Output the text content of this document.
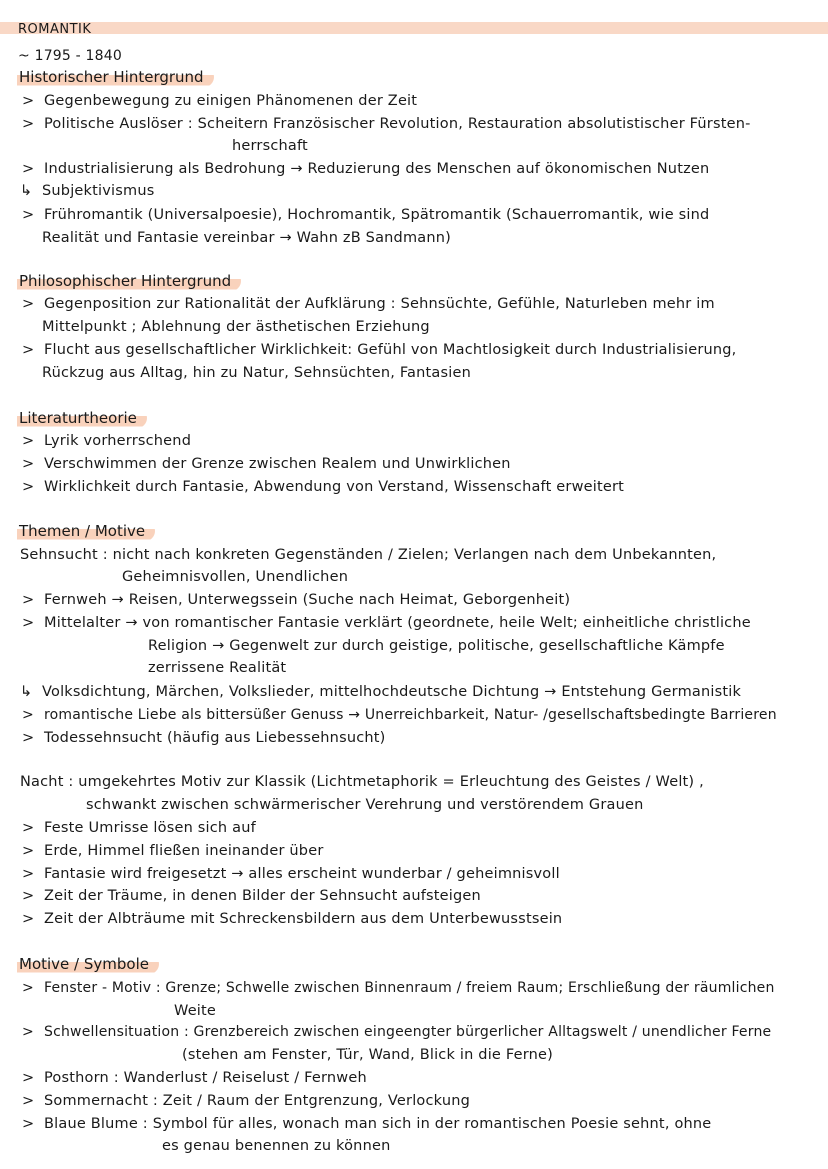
ROMANTIK
~ 1795 - 1840
Historischer Hintergrund
> Gegenbewegung zu einigen Phänomenen der Zeit
> Politische Auslöser : Scheitern Französischer Revolution, Restauration absolutistischer Fürsten-
herrschaft
> Industrialisierung als Bedrohung → Reduzierung des Menschen auf ökonomischen Nutzen
↳ Subjektivismus
> Frühromantik (Universalpoesie), Hochromantik, Spätromantik (Schauerromantik, wie sind
Realität und Fantasie vereinbar → Wahn zB Sandmann)
Philosophischer Hintergrund
> Gegenposition zur Rationalität der Aufklärung : Sehnsüchte, Gefühle, Naturleben mehr im
Mittelpunkt ; Ablehnung der ästhetischen Erziehung
> Flucht aus gesellschaftlicher Wirklichkeit: Gefühl von Machtlosigkeit durch Industrialisierung,
Rückzug aus Alltag, hin zu Natur, Sehnsüchten, Fantasien
Literaturtheorie
> Lyrik vorherrschend
> Verschwimmen der Grenze zwischen Realem und Unwirklichen
> Wirklichkeit durch Fantasie, Abwendung von Verstand, Wissenschaft erweitert
Themen / Motive
Sehnsucht : nicht nach konkreten Gegenständen / Zielen; Verlangen nach dem Unbekannten,
Geheimnisvollen, Unendlichen
> Fernweh → Reisen, Unterwegssein (Suche nach Heimat, Geborgenheit)
> Mittelalter → von romantischer Fantasie verklärt (geordnete, heile Welt; einheitliche christliche
Religion → Gegenwelt zur durch geistige, politische, gesellschaftliche Kämpfe
zerrissene Realität
↳ Volksdichtung, Märchen, Volkslieder, mittelhochdeutsche Dichtung → Entstehung Germanistik
> romantische Liebe als bittersüßer Genuss → Unerreichbarkeit, Natur- /gesellschaftsbedingte Barrieren
> Todessehnsucht (häufig aus Liebessehnsucht)
Nacht : umgekehrtes Motiv zur Klassik (Lichtmetaphorik = Erleuchtung des Geistes / Welt) ,
schwankt zwischen schwärmerischer Verehrung und verstörendem Grauen
> Feste Umrisse lösen sich auf
> Erde, Himmel fließen ineinander über
> Fantasie wird freigesetzt → alles erscheint wunderbar / geheimnisvoll
> Zeit der Träume, in denen Bilder der Sehnsucht aufsteigen
> Zeit der Albträume mit Schreckensbildern aus dem Unterbewusstsein
Motive / Symbole
> Fenster - Motiv : Grenze; Schwelle zwischen Binnenraum / freiem Raum; Erschließung der räumlichen
Weite
> Schwellensituation : Grenzbereich zwischen eingeengter bürgerlicher Alltagswelt / unendlicher Ferne
(stehen am Fenster, Tür, Wand, Blick in die Ferne)
> Posthorn : Wanderlust / Reiselust / Fernweh
> Sommernacht : Zeit / Raum der Entgrenzung, Verlockung
> Blaue Blume : Symbol für alles, wonach man sich in der romantischen Poesie sehnt, ohne
es genau benennen zu können
